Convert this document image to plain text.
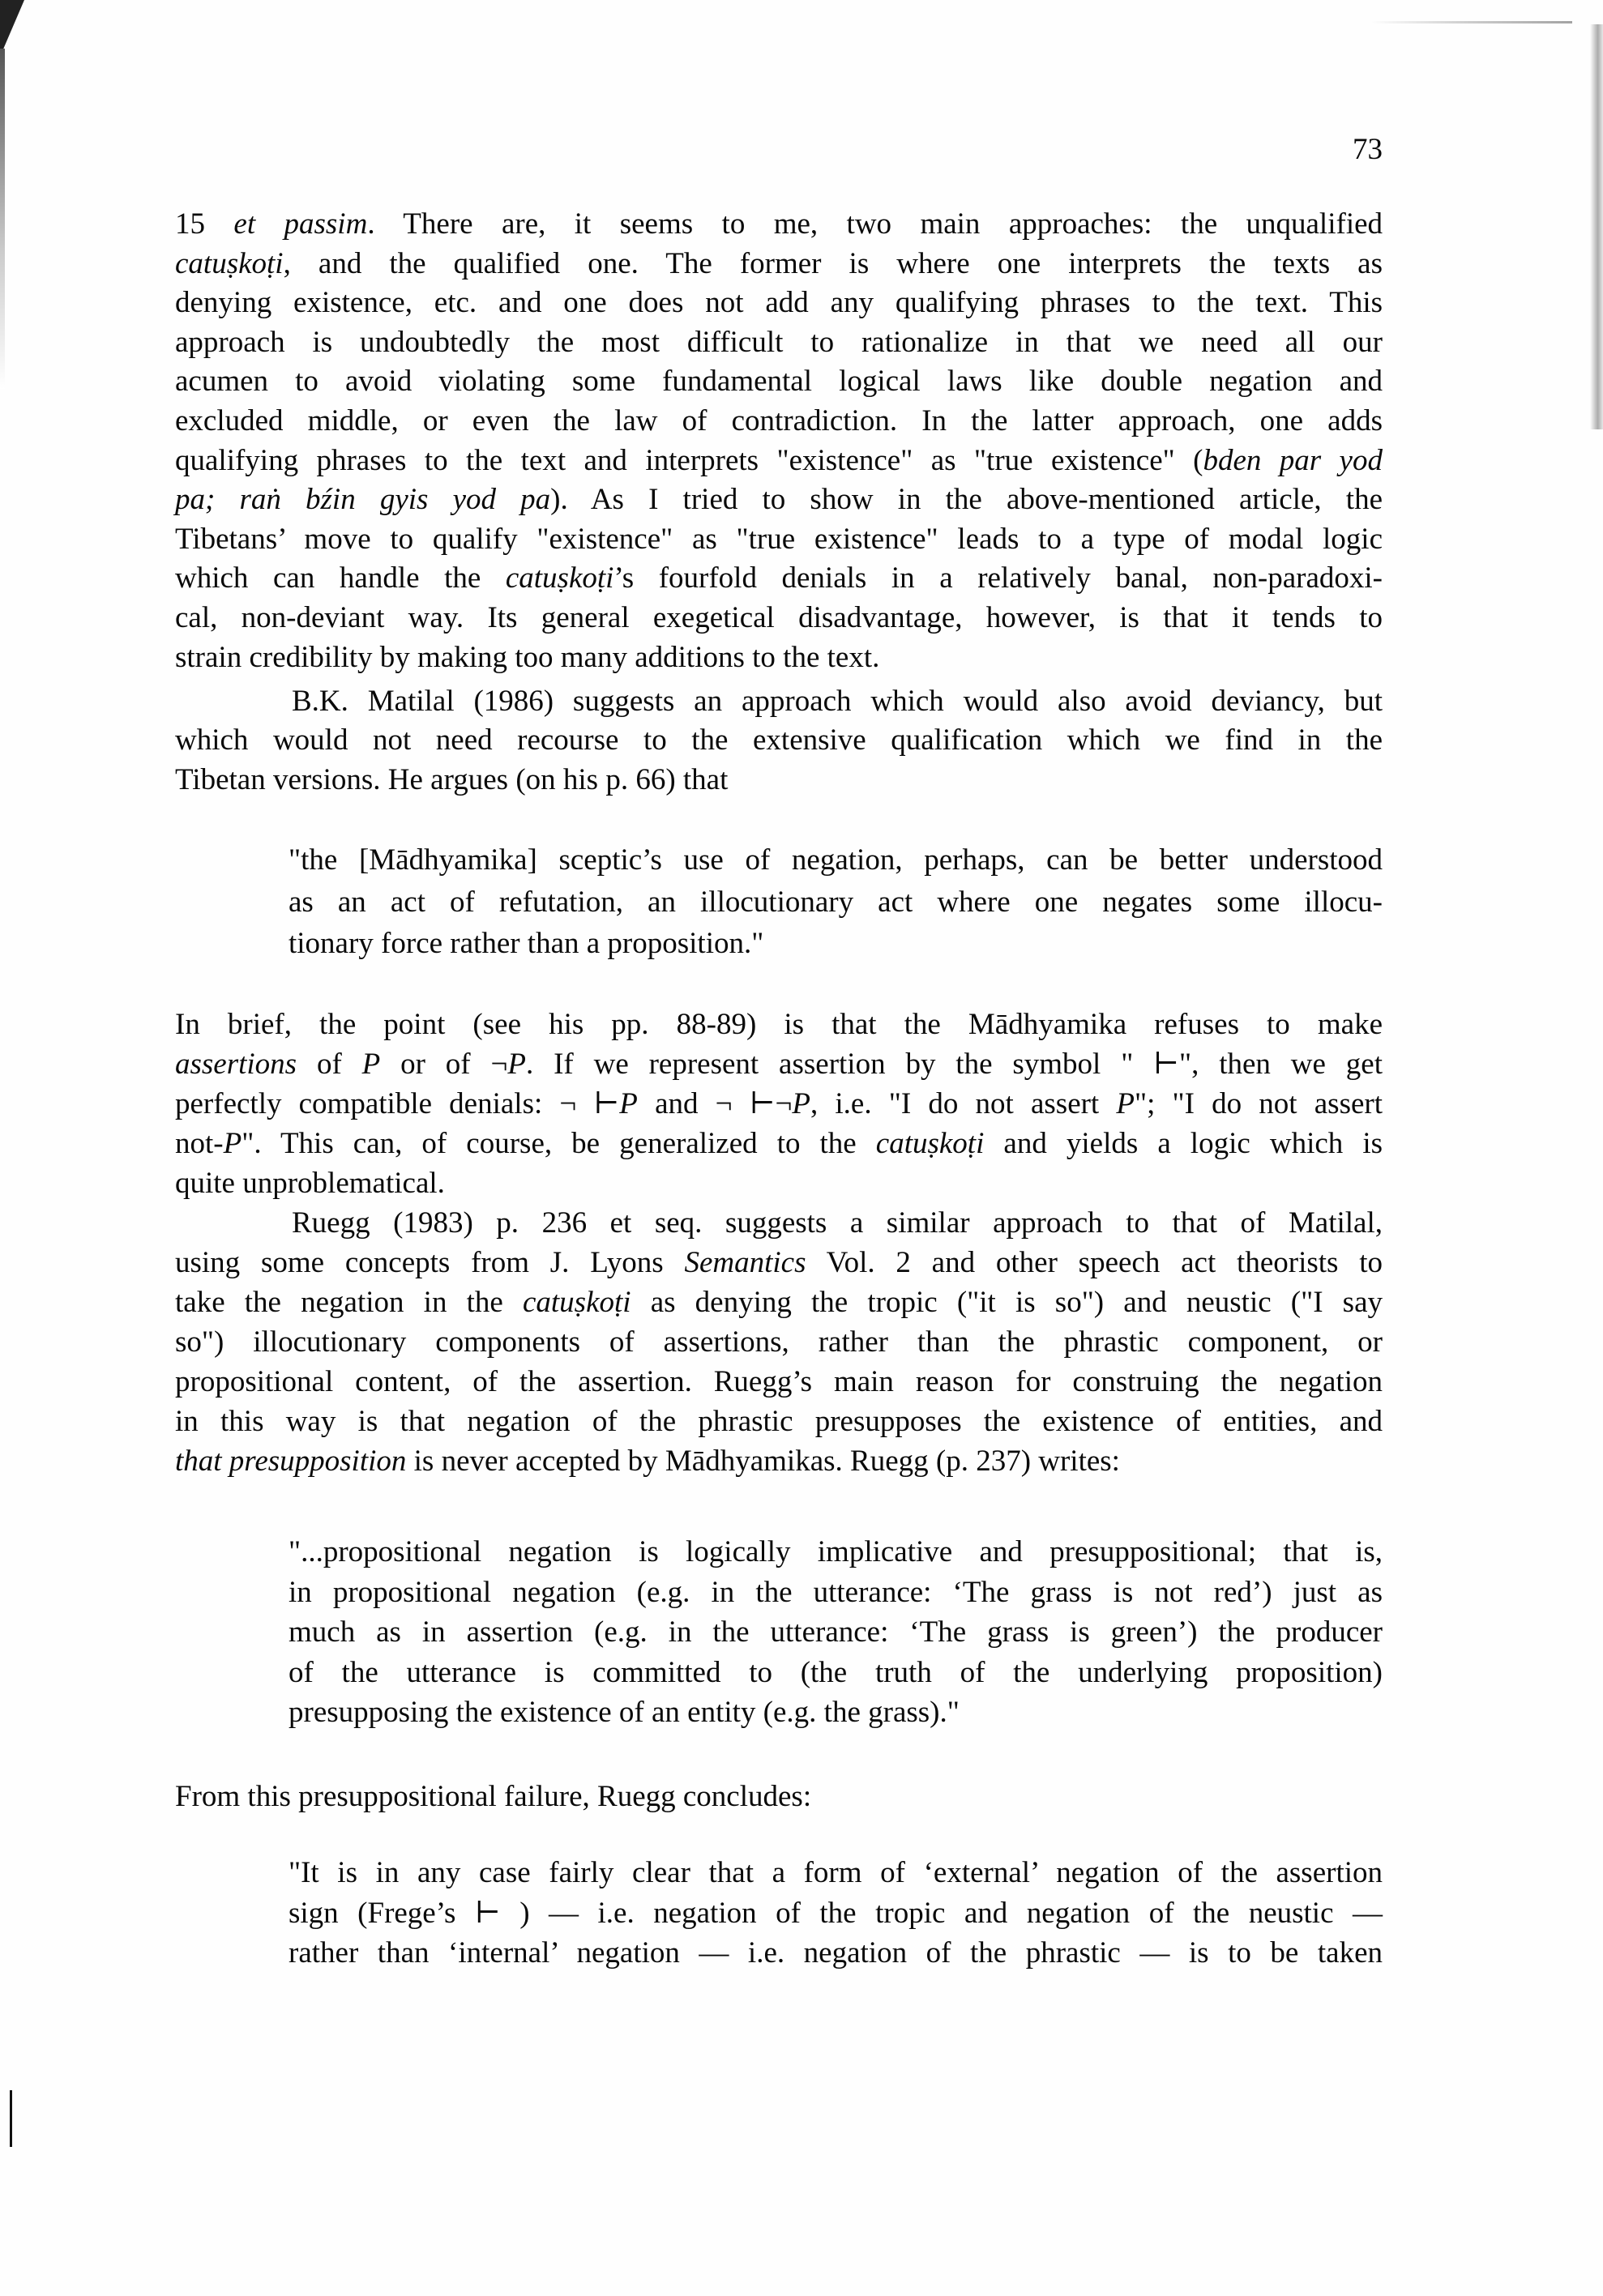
73
15 et passim. There are, it seems to me, two main approaches: the unqualified
catuṣkoṭi, and the qualified one. The former is where one interprets the texts as
denying existence, etc. and one does not add any qualifying phrases to the text. This
approach is undoubtedly the most difficult to rationalize in that we need all our
acumen to avoid violating some fundamental logical laws like double negation and
excluded middle, or even the law of contradiction. In the latter approach, one adds
qualifying phrases to the text and interprets "existence" as "true existence" (bden par yod
pa; raṅ bźin gyis yod pa). As I tried to show in the above-mentioned article, the
Tibetans’ move to qualify "existence" as "true existence" leads to a type of modal logic
which can handle the catuṣkoṭi’s fourfold denials in a relatively banal, non-paradoxi-
cal, non-deviant way. Its general exegetical disadvantage, however, is that it tends to
strain credibility by making too many additions to the text.
B.K. Matilal (1986) suggests an approach which would also avoid deviancy, but
which would not need recourse to the extensive qualification which we find in the
Tibetan versions. He argues (on his p. 66) that
"the [Mādhyamika] sceptic’s use of negation, perhaps, can be better understood
as an act of refutation, an illocutionary act where one negates some illocu-
tionary force rather than a proposition."
In brief, the point (see his pp. 88-89) is that the Mādhyamika refuses to make
assertions of P or of ¬P. If we represent assertion by the symbol " ⊢", then we get
perfectly compatible denials: ¬ ⊢P and ¬ ⊢¬P, i.e. "I do not assert P"; "I do not assert
not-P". This can, of course, be generalized to the catuṣkoṭi and yields a logic which is
quite unproblematical.
Ruegg (1983) p. 236 et seq. suggests a similar approach to that of Matilal,
using some concepts from J. Lyons Semantics Vol. 2 and other speech act theorists to
take the negation in the catuṣkoṭi as denying the tropic ("it is so") and neustic ("I say
so") illocutionary components of assertions, rather than the phrastic component, or
propositional content, of the assertion. Ruegg’s main reason for construing the negation
in this way is that negation of the phrastic presupposes the existence of entities, and
that presupposition is never accepted by Mādhyamikas. Ruegg (p. 237) writes:
"...propositional negation is logically implicative and presuppositional; that is,
in propositional negation (e.g. in the utterance: ‘The grass is not red’) just as
much as in assertion (e.g. in the utterance: ‘The grass is green’) the producer
of the utterance is committed to (the truth of the underlying proposition)
presupposing the existence of an entity (e.g. the grass)."
From this presuppositional failure, Ruegg concludes:
"It is in any case fairly clear that a form of ‘external’ negation of the assertion
sign (Frege’s ⊢ ) — i.e. negation of the tropic and negation of the neustic —
rather than ‘internal’ negation — i.e. negation of the phrastic — is to be taken
